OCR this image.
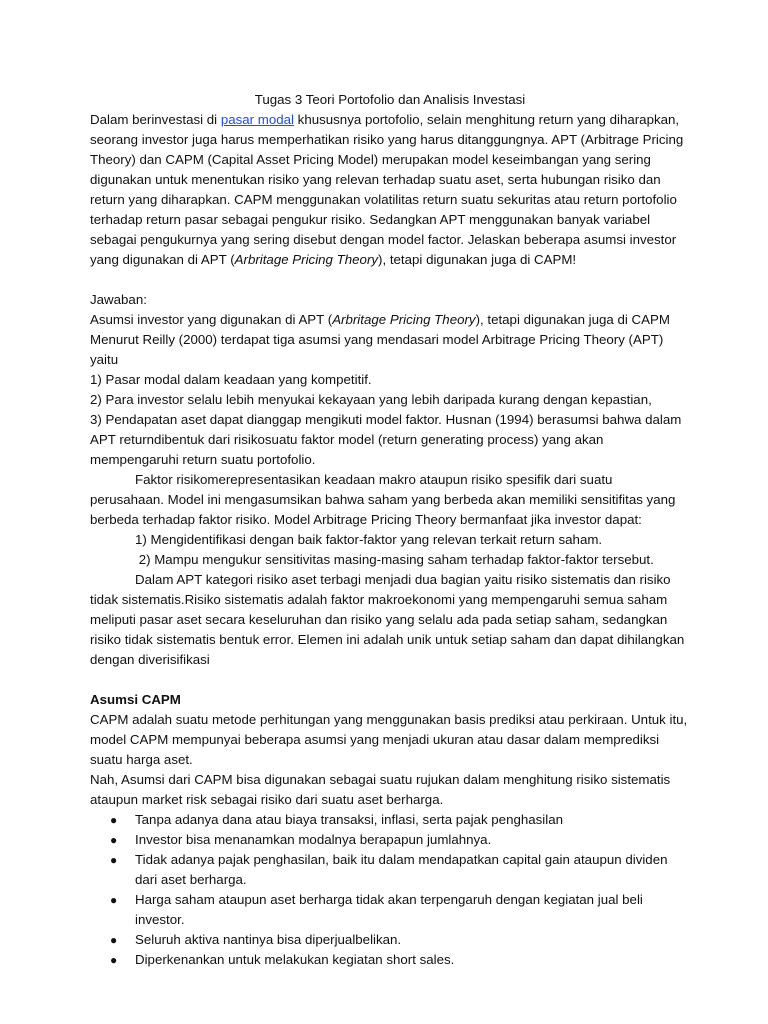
Tugas 3 Teori Portofolio dan Analisis Investasi

Dalam berinvestasi di pasar modal khususnya portofolio, selain menghitung return yang diharapkan, seorang investor juga harus memperhatikan risiko yang harus ditanggungnya. APT (Arbitrage Pricing Theory) dan CAPM (Capital Asset Pricing Model) merupakan model keseimbangan yang sering digunakan untuk menentukan risiko yang relevan terhadap suatu aset, serta hubungan risiko dan return yang diharapkan. CAPM menggunakan volatilitas return suatu sekuritas atau return portofolio terhadap return pasar sebagai pengukur risiko. Sedangkan APT menggunakan banyak variabel sebagai pengukurnya yang sering disebut dengan model factor. Jelaskan beberapa asumsi investor yang digunakan di APT (Arbritage Pricing Theory), tetapi digunakan juga di CAPM!

Jawaban:

Asumsi investor yang digunakan di APT (Arbritage Pricing Theory), tetapi digunakan juga di CAPM

Menurut Reilly (2000) terdapat tiga asumsi yang mendasari model Arbitrage Pricing Theory (APT) yaitu

1) Pasar modal dalam keadaan yang kompetitif.

2) Para investor selalu lebih menyukai kekayaan yang lebih daripada kurang dengan kepastian,

3) Pendapatan aset dapat dianggap mengikuti model faktor. Husnan (1994) berasumsi bahwa dalam APT returndibentuk dari risikosuatu faktor model (return generating process) yang akan mempengaruhi return suatu portofolio.

Faktor risikomerepresentasikan keadaan makro ataupun risiko spesifik dari suatu perusahaan. Model ini mengasumsikan bahwa saham yang berbeda akan memiliki sensitifitas yang berbeda terhadap faktor risiko. Model Arbitrage Pricing Theory bermanfaat jika investor dapat:

1) Mengidentifikasi dengan baik faktor-faktor yang relevan terkait return saham.

2) Mampu mengukur sensitivitas masing-masing saham terhadap faktor-faktor tersebut.

Dalam APT kategori risiko aset terbagi menjadi dua bagian yaitu risiko sistematis dan risiko tidak sistematis.Risiko sistematis adalah faktor makroekonomi yang mempengaruhi semua saham meliputi pasar aset secara keseluruhan dan risiko yang selalu ada pada setiap saham, sedangkan risiko tidak sistematis bentuk error. Elemen ini adalah unik untuk setiap saham dan dapat dihilangkan dengan diverisifikasi

Asumsi CAPM

CAPM adalah suatu metode perhitungan yang menggunakan basis prediksi atau perkiraan. Untuk itu, model CAPM mempunyai beberapa asumsi yang menjadi ukuran atau dasar dalam memprediksi suatu harga aset.

Nah, Asumsi dari CAPM bisa digunakan sebagai suatu rujukan dalam menghitung risiko sistematis ataupun market risk sebagai risiko dari suatu aset berharga.

● Tanpa adanya dana atau biaya transaksi, inflasi, serta pajak penghasilan
● Investor bisa menanamkan modalnya berapapun jumlahnya.
● Tidak adanya pajak penghasilan, baik itu dalam mendapatkan capital gain ataupun dividen dari aset berharga.
● Harga saham ataupun aset berharga tidak akan terpengaruh dengan kegiatan jual beli investor.
● Seluruh aktiva nantinya bisa diperjualbelikan.
● Diperkenankan untuk melakukan kegiatan short sales.
